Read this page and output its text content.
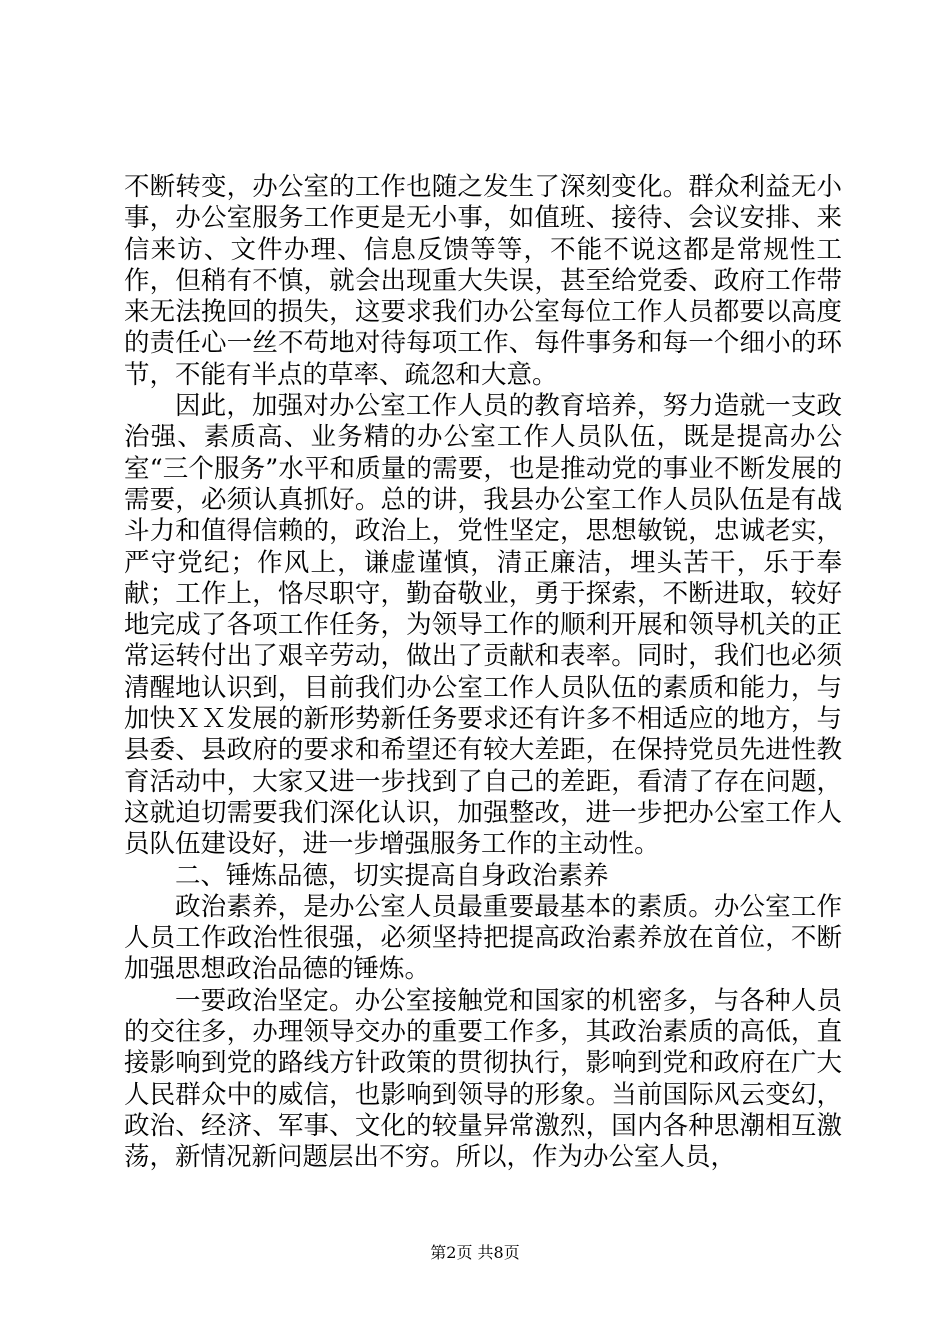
不断转变，办公室的工作也随之发生了深刻变化。群众利益无小事，办公室服务工作更是无小事，如值班、接待、会议安排、来信来访、文件办理、信息反馈等等，不能不说这都是常规性工作，但稍有不慎，就会出现重大失误，甚至给党委、政府工作带来无法挽回的损失，这要求我们办公室每位工作人员都要以高度的责任心一丝不苟地对待每项工作、每件事务和每一个细小的环节，不能有半点的草率、疏忽和大意。

因此，加强对办公室工作人员的教育培养，努力造就一支政治强、素质高、业务精的办公室工作人员队伍，既是提高办公室“三个服务”水平和质量的需要，也是推动党的事业不断发展的需要，必须认真抓好。总的讲，我县办公室工作人员队伍是有战斗力和值得信赖的，政治上，党性坚定，思想敏锐，忠诚老实，严守党纪；作风上，谦虚谨慎，清正廉洁，埋头苦干，乐于奉献；工作上，恪尽职守，勤奋敬业，勇于探索，不断进取，较好地完成了各项工作任务，为领导工作的顺利开展和领导机关的正常运转付出了艰辛劳动，做出了贡献和表率。同时，我们也必须清醒地认识到，目前我们办公室工作人员队伍的素质和能力，与加快ＸＸ发展的新形势新任务要求还有许多不相适应的地方，与县委、县政府的要求和希望还有较大差距，在保持党员先进性教育活动中，大家又进一步找到了自己的差距，看清了存在问题，这就迫切需要我们深化认识，加强整改，进一步把办公室工作人员队伍建设好，进一步增强服务工作的主动性。

二、锤炼品德，切实提高自身政治素养

政治素养，是办公室人员最重要最基本的素质。办公室工作人员工作政治性很强，必须坚持把提高政治素养放在首位，不断加强思想政治品德的锤炼。

一要政治坚定。办公室接触党和国家的机密多，与各种人员的交往多，办理领导交办的重要工作多，其政治素质的高低，直接影响到党的路线方针政策的贯彻执行，影响到党和政府在广大人民群众中的威信，也影响到领导的形象。当前国际风云变幻，政治、经济、军事、文化的较量异常激烈，国内各种思潮相互激荡，新情况新问题层出不穷。所以，作为办公室人员，

第2页 共8页
